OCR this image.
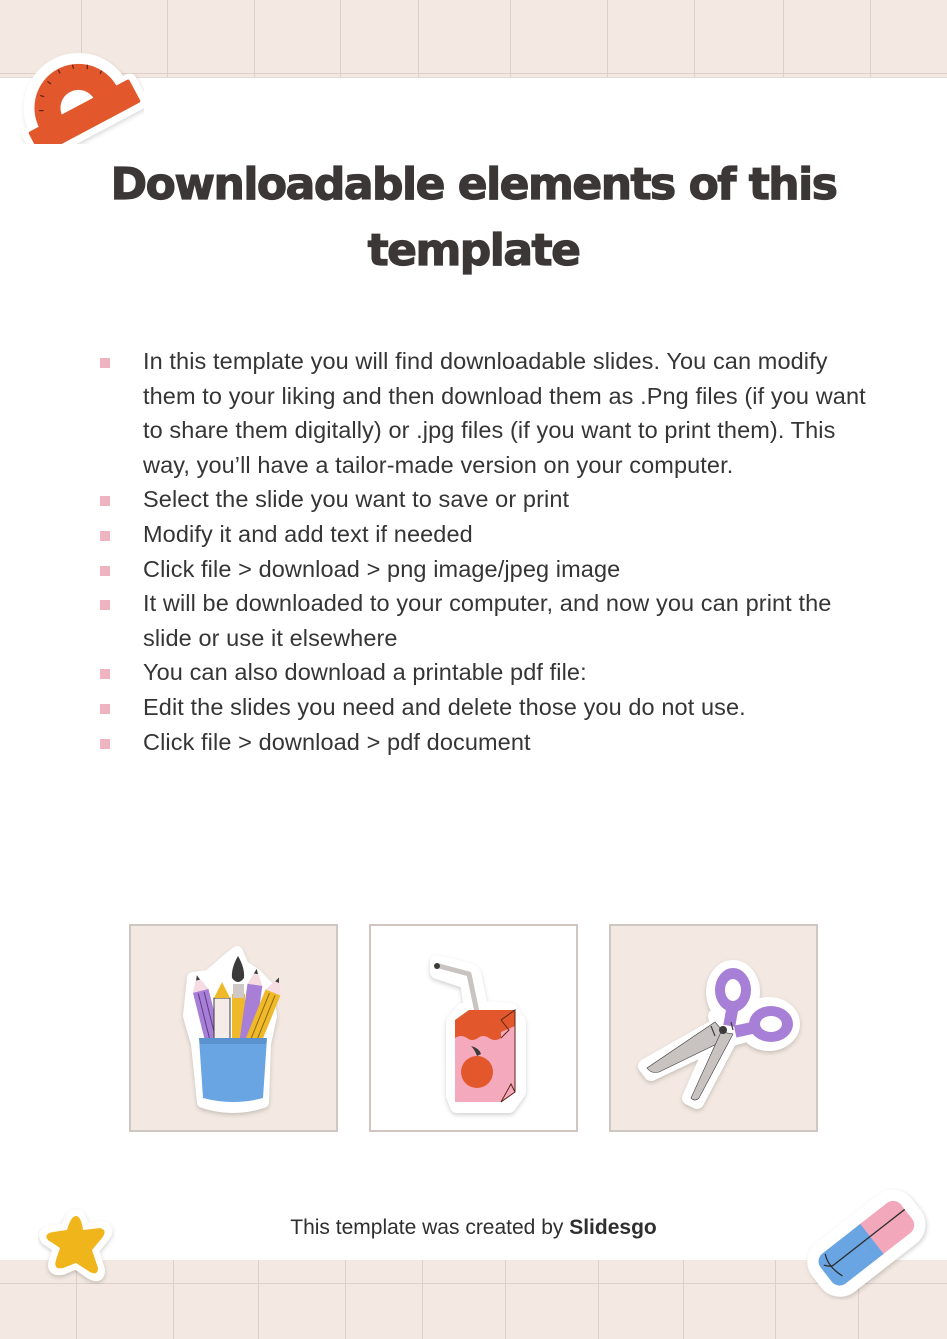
Downloadable elements of this template
In this template you will find downloadable slides. You can modify them to your liking and then download them as .Png files (if you want to share them digitally) or .jpg files (if you want to print them). This way, you’ll have a tailor-made version on your computer.
Select the slide you want to save or print
Modify it and add text if needed
Click file > download > png image/jpeg image
It will be downloaded to your computer, and now you can print the slide or use it elsewhere
You can also download a printable pdf file:
Edit the slides you need and delete those you do not use.
Click file > download > pdf document
This template was created by Slidesgo
